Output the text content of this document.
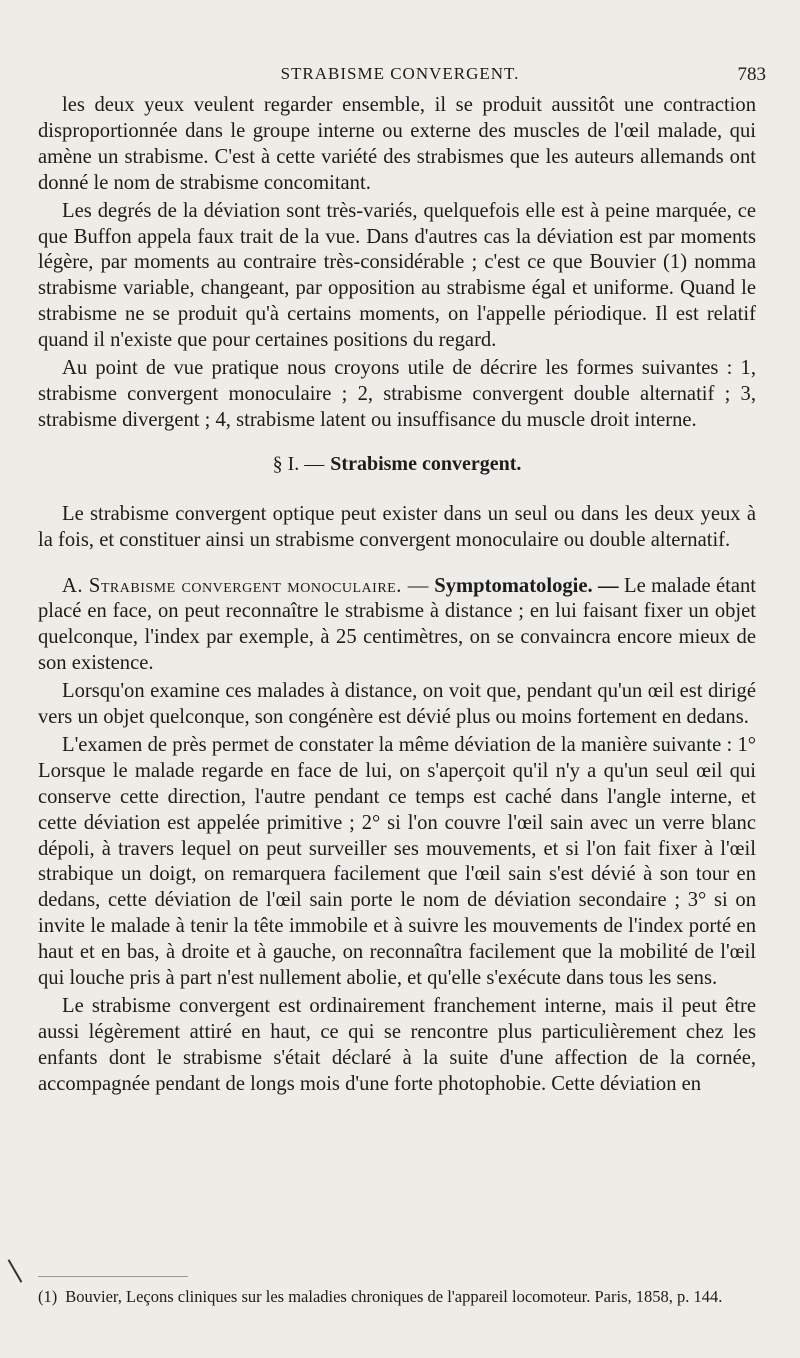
STRABISME CONVERGENT.	783

les deux yeux veulent regarder ensemble, il se produit aussitôt une contraction disproportionnée dans le groupe interne ou externe des muscles de l'œil malade, qui amène un strabisme. C'est à cette variété des strabismes que les auteurs allemands ont donné le nom de strabisme concomitant.

Les degrés de la déviation sont très-variés, quelquefois elle est à peine marquée, ce que Buffon appela faux trait de la vue. Dans d'autres cas la déviation est par moments légère, par moments au contraire très-considérable ; c'est ce que Bouvier (1) nomma strabisme variable, changeant, par opposition au strabisme égal et uniforme. Quand le strabisme ne se produit qu'à certains moments, on l'appelle périodique. Il est relatif quand il n'existe que pour certaines positions du regard.

Au point de vue pratique nous croyons utile de décrire les formes suivantes : 1, strabisme convergent monoculaire ; 2, strabisme convergent double alternatif ; 3, strabisme divergent ; 4, strabisme latent ou insuffisance du muscle droit interne.

§ I. — Strabisme convergent.

Le strabisme convergent optique peut exister dans un seul ou dans les deux yeux à la fois, et constituer ainsi un strabisme convergent monoculaire ou double alternatif.

A. Strabisme convergent monoculaire. — Symptomatologie. — Le malade étant placé en face, on peut reconnaître le strabisme à distance ; en lui faisant fixer un objet quelconque, l'index par exemple, à 25 centimètres, on se convaincra encore mieux de son existence.

Lorsqu'on examine ces malades à distance, on voit que, pendant qu'un œil est dirigé vers un objet quelconque, son congénère est dévié plus ou moins fortement en dedans.

L'examen de près permet de constater la même déviation de la manière suivante : 1° Lorsque le malade regarde en face de lui, on s'aperçoit qu'il n'y a qu'un seul œil qui conserve cette direction, l'autre pendant ce temps est caché dans l'angle interne, et cette déviation est appelée primitive ; 2° si l'on couvre l'œil sain avec un verre blanc dépoli, à travers lequel on peut surveiller ses mouvements, et si l'on fait fixer à l'œil strabique un doigt, on remarquera facilement que l'œil sain s'est dévié à son tour en dedans, cette déviation de l'œil sain porte le nom de déviation secondaire ; 3° si on invite le malade à tenir la tête immobile et à suivre les mouvements de l'index porté en haut et en bas, à droite et à gauche, on reconnaîtra facilement que la mobilité de l'œil qui louche pris à part n'est nullement abolie, et qu'elle s'exécute dans tous les sens.

Le strabisme convergent est ordinairement franchement interne, mais il peut être aussi légèrement attiré en haut, ce qui se rencontre plus particulièrement chez les enfants dont le strabisme s'était déclaré à la suite d'une affection de la cornée, accompagnée pendant de longs mois d'une forte photophobie. Cette déviation en

(1) Bouvier, Leçons cliniques sur les maladies chroniques de l'appareil locomoteur. Paris, 1858, p. 144.
